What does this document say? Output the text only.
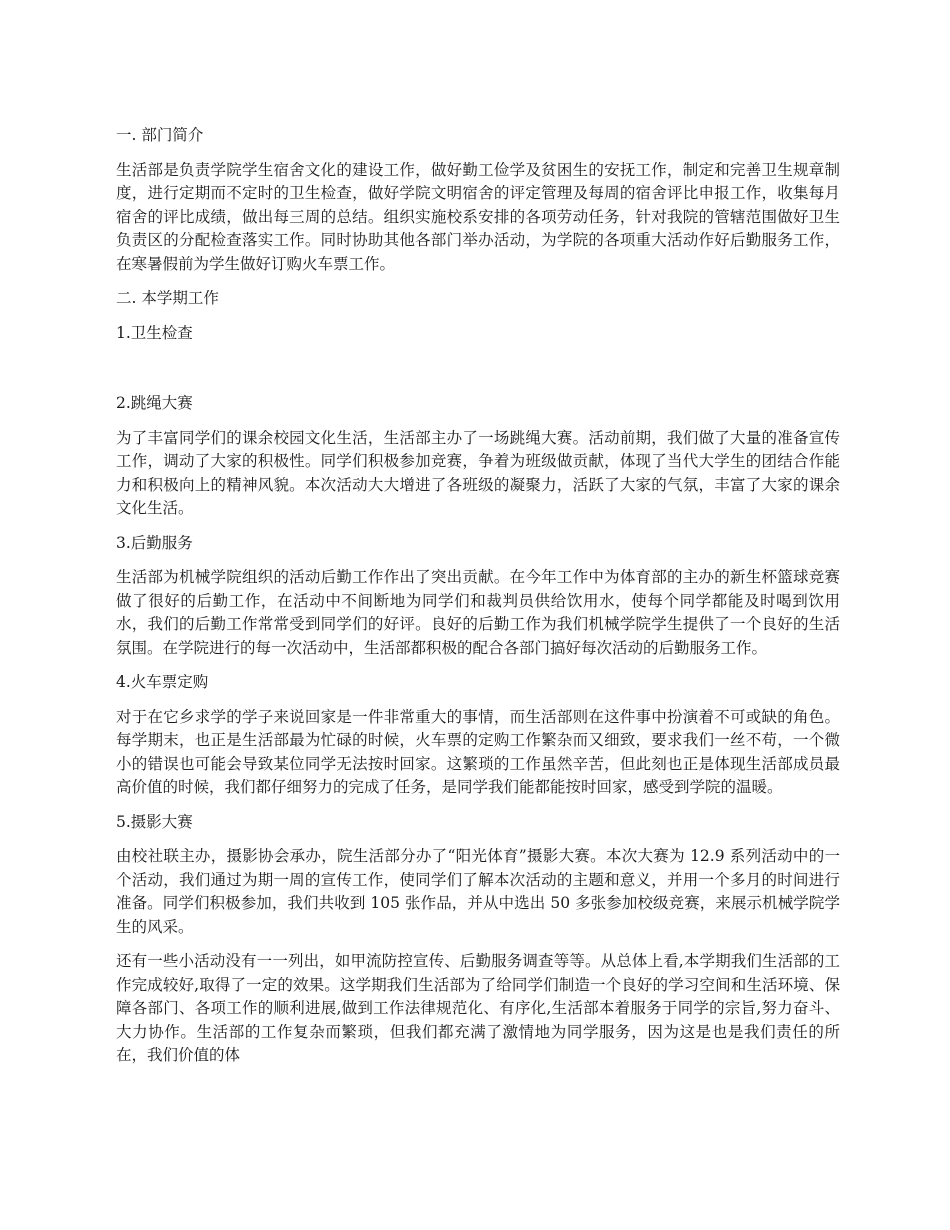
一. 部门简介

生活部是负责学院学生宿舍文化的建设工作，做好勤工俭学及贫困生的安抚工作，制定和完善卫生规章制度，进行定期而不定时的卫生检查，做好学院文明宿舍的评定管理及每周的宿舍评比申报工作，收集每月宿舍的评比成绩，做出每三周的总结。组织实施校系安排的各项劳动任务，针对我院的管辖范围做好卫生负责区的分配检查落实工作。同时协助其他各部门举办活动，为学院的各项重大活动作好后勤服务工作，在寒暑假前为学生做好订购火车票工作。

二. 本学期工作

1.卫生检查

2.跳绳大赛

为了丰富同学们的课余校园文化生活，生活部主办了一场跳绳大赛。活动前期，我们做了大量的准备宣传工作，调动了大家的积极性。同学们积极参加竞赛，争着为班级做贡献，体现了当代大学生的团结合作能力和积极向上的精神风貌。本次活动大大增进了各班级的凝聚力，活跃了大家的气氛，丰富了大家的课余文化生活。

3.后勤服务

生活部为机械学院组织的活动后勤工作作出了突出贡献。在今年工作中为体育部的主办的新生杯篮球竞赛做了很好的后勤工作，在活动中不间断地为同学们和裁判员供给饮用水，使每个同学都能及时喝到饮用水，我们的后勤工作常常受到同学们的好评。良好的后勤工作为我们机械学院学生提供了一个良好的生活氛围。在学院进行的每一次活动中，生活部都积极的配合各部门搞好每次活动的后勤服务工作。

4.火车票定购

对于在它乡求学的学子来说回家是一件非常重大的事情，而生活部则在这件事中扮演着不可或缺的角色。每学期末，也正是生活部最为忙碌的时候，火车票的定购工作繁杂而又细致，要求我们一丝不苟，一个微小的错误也可能会导致某位同学无法按时回家。这繁琐的工作虽然辛苦，但此刻也正是体现生活部成员最高价值的时候，我们都仔细努力的完成了任务，是同学我们能都能按时回家，感受到学院的温暖。

5.摄影大赛

由校社联主办，摄影协会承办，院生活部分办了“阳光体育”摄影大赛。本次大赛为 12.9 系列活动中的一个活动，我们通过为期一周的宣传工作，使同学们了解本次活动的主题和意义，并用一个多月的时间进行准备。同学们积极参加，我们共收到 105 张作品，并从中选出 50 多张参加校级竞赛，来展示机械学院学生的风采。

还有一些小活动没有一一列出，如甲流防控宣传、后勤服务调查等等。从总体上看,本学期我们生活部的工作完成较好,取得了一定的效果。这学期我们生活部为了给同学们制造一个良好的学习空间和生活环境、保障各部门、各项工作的顺利进展,做到工作法律规范化、有序化,生活部本着服务于同学的宗旨,努力奋斗、大力协作。生活部的工作复杂而繁琐，但我们都充满了激情地为同学服务，因为这是也是我们责任的所在，我们价值的体
